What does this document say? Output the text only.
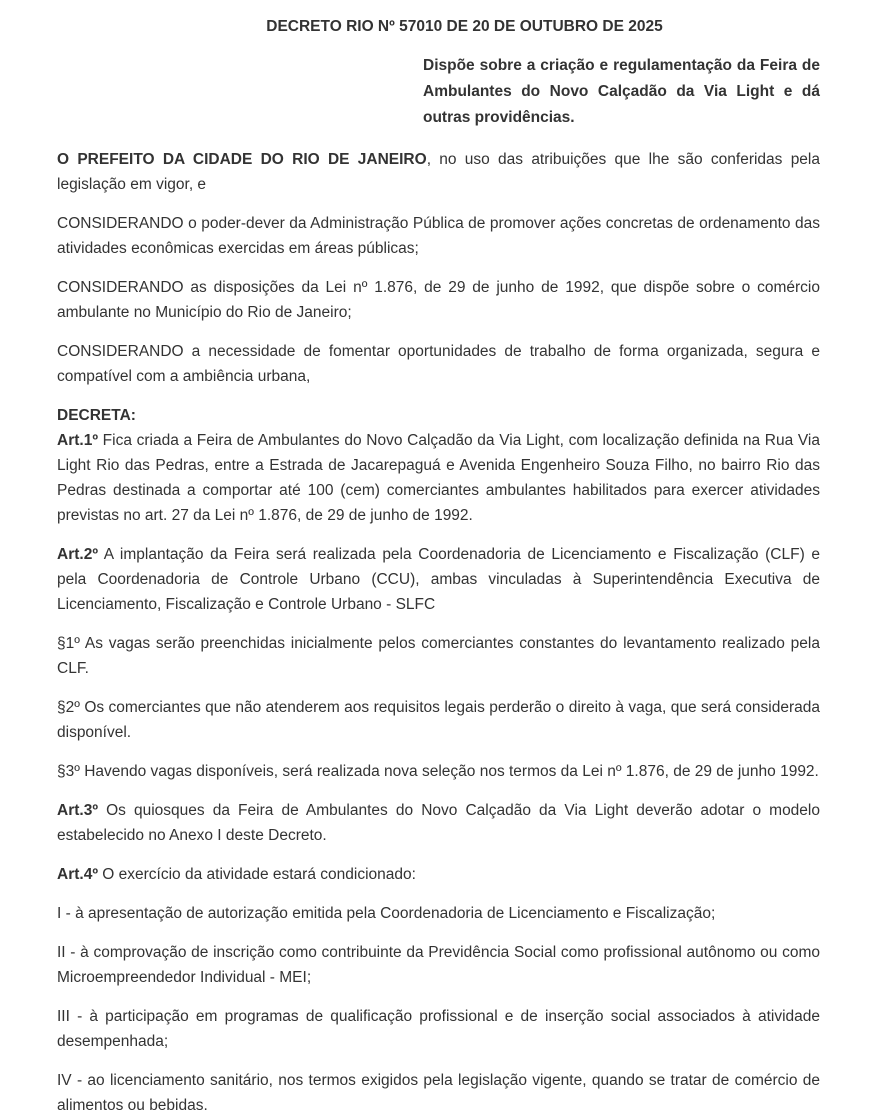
DECRETO RIO Nº 57010 DE 20 DE OUTUBRO DE 2025

Dispõe sobre a criação e regulamentação da Feira de Ambulantes do Novo Calçadão da Via Light e dá outras providências.

O PREFEITO DA CIDADE DO RIO DE JANEIRO, no uso das atribuições que lhe são conferidas pela legislação em vigor, e

CONSIDERANDO o poder-dever da Administração Pública de promover ações concretas de ordenamento das atividades econômicas exercidas em áreas públicas;

CONSIDERANDO as disposições da Lei nº 1.876, de 29 de junho de 1992, que dispõe sobre o comércio ambulante no Município do Rio de Janeiro;

CONSIDERANDO a necessidade de fomentar oportunidades de trabalho de forma organizada, segura e compatível com a ambiência urbana,

DECRETA:

Art.1º Fica criada a Feira de Ambulantes do Novo Calçadão da Via Light, com localização definida na Rua Via Light Rio das Pedras, entre a Estrada de Jacarepaguá e Avenida Engenheiro Souza Filho, no bairro Rio das Pedras destinada a comportar até 100 (cem) comerciantes ambulantes habilitados para exercer atividades previstas no art. 27 da Lei nº 1.876, de 29 de junho de 1992.

Art.2º A implantação da Feira será realizada pela Coordenadoria de Licenciamento e Fiscalização (CLF) e pela Coordenadoria de Controle Urbano (CCU), ambas vinculadas à Superintendência Executiva de Licenciamento, Fiscalização e Controle Urbano - SLFC

§1º As vagas serão preenchidas inicialmente pelos comerciantes constantes do levantamento realizado pela CLF.

§2º Os comerciantes que não atenderem aos requisitos legais perderão o direito à vaga, que será considerada disponível.

§3º Havendo vagas disponíveis, será realizada nova seleção nos termos da Lei nº 1.876, de 29 de junho 1992.

Art.3º Os quiosques da Feira de Ambulantes do Novo Calçadão da Via Light deverão adotar o modelo estabelecido no Anexo I deste Decreto.

Art.4º O exercício da atividade estará condicionado:

I - à apresentação de autorização emitida pela Coordenadoria de Licenciamento e Fiscalização;

II - à comprovação de inscrição como contribuinte da Previdência Social como profissional autônomo ou como Microempreendedor Individual - MEI;

III - à participação em programas de qualificação profissional e de inserção social associados à atividade desempenhada;

IV - ao licenciamento sanitário, nos termos exigidos pela legislação vigente, quando se tratar de comércio de alimentos ou bebidas.
